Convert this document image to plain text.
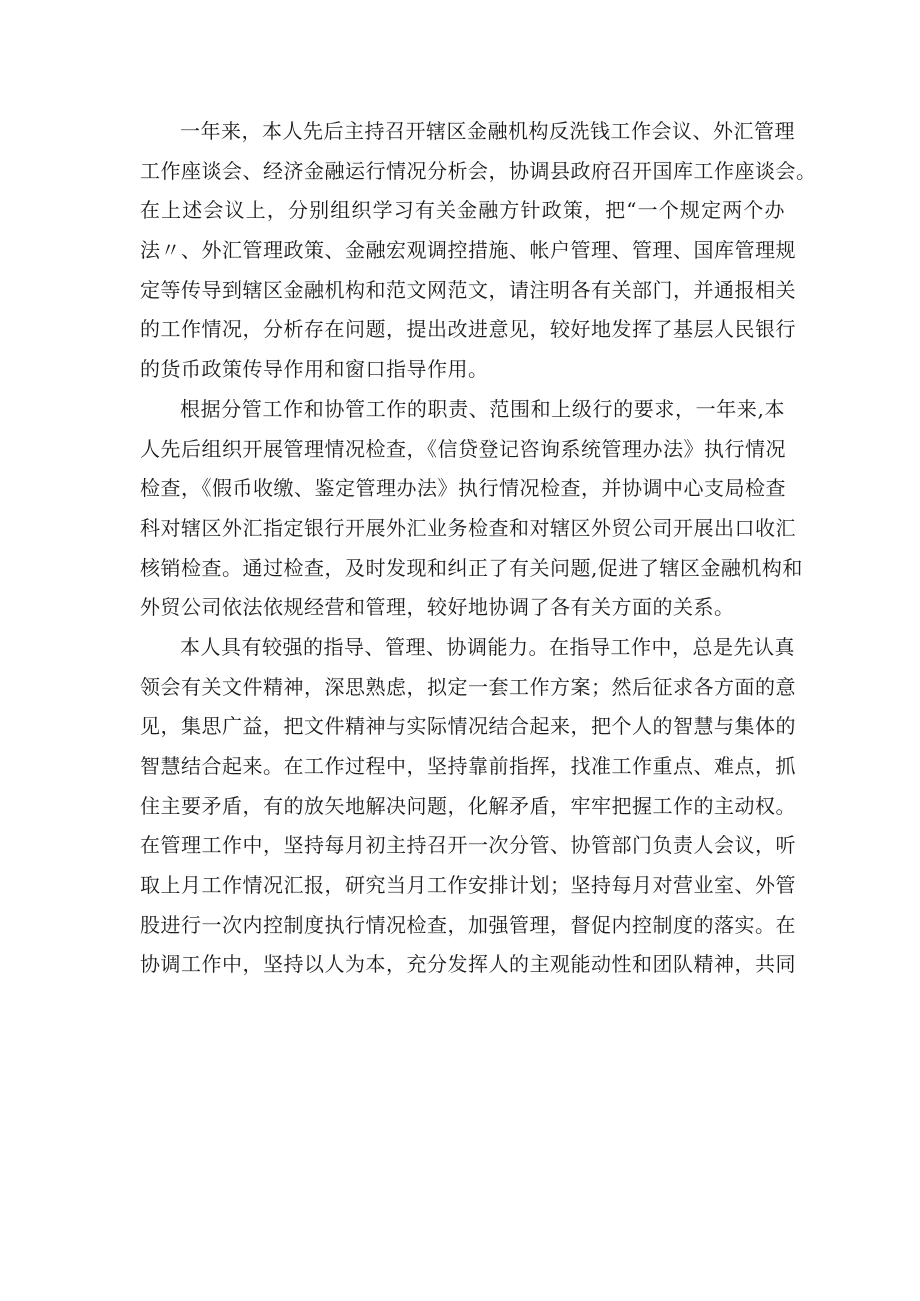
一年来，本人先后主持召开辖区金融机构反洗钱工作会议、外汇管理
工作座谈会、经济金融运行情况分析会，协调县政府召开国库工作座谈会。
在上述会议上，分别组织学习有关金融方针政策，把“一个规定两个办
法〃、外汇管理政策、金融宏观调控措施、帐户管理、管理、国库管理规
定等传导到辖区金融机构和范文网范文，请注明各有关部门，并通报相关
的工作情况，分析存在问题，提出改进意见，较好地发挥了基层人民银行
的货币政策传导作用和窗口指导作用。
根据分管工作和协管工作的职责、范围和上级行的要求，一年来,本
人先后组织开展管理情况检查，《信贷登记咨询系统管理办法》执行情况
检查，《假币收缴、鉴定管理办法》执行情况检查，并协调中心支局检查
科对辖区外汇指定银行开展外汇业务检查和对辖区外贸公司开展出口收汇
核销检查。通过检查，及时发现和纠正了有关问题,促进了辖区金融机构和
外贸公司依法依规经营和管理，较好地协调了各有关方面的关系。
本人具有较强的指导、管理、协调能力。在指导工作中，总是先认真
领会有关文件精神，深思熟虑，拟定一套工作方案；然后征求各方面的意
见，集思广益，把文件精神与实际情况结合起来，把个人的智慧与集体的
智慧结合起来。在工作过程中，坚持靠前指挥，找准工作重点、难点，抓
住主要矛盾，有的放矢地解决问题，化解矛盾，牢牢把握工作的主动权。
在管理工作中，坚持每月初主持召开一次分管、协管部门负责人会议，听
取上月工作情况汇报，研究当月工作安排计划；坚持每月对营业室、外管
股进行一次内控制度执行情况检查，加强管理，督促内控制度的落实。在
协调工作中，坚持以人为本，充分发挥人的主观能动性和团队精神，共同
